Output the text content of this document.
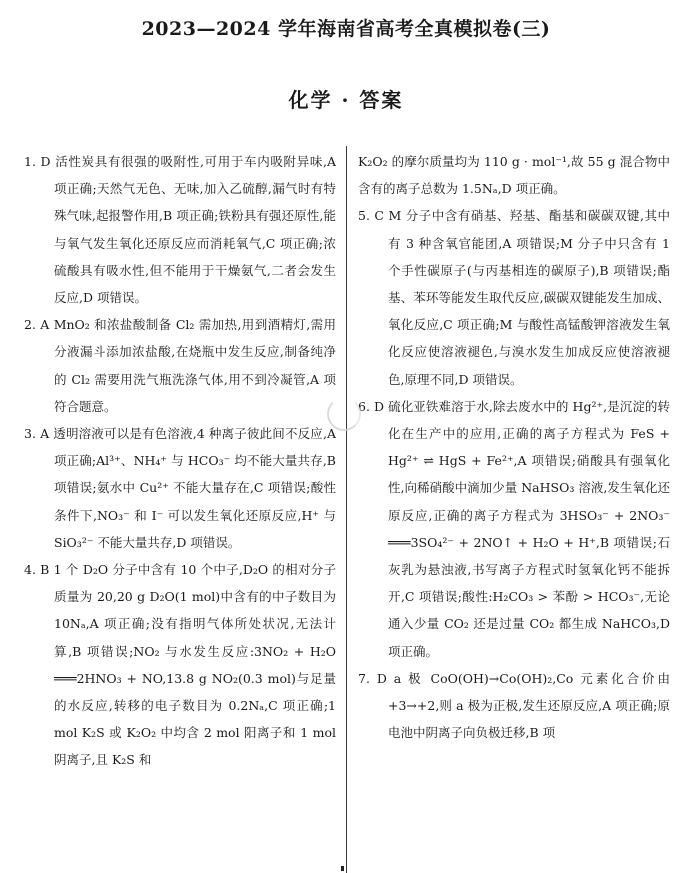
2023—2024 学年海南省高考全真模拟卷(三)
化学 · 答案

1. D 活性炭具有很强的吸附性,可用于车内吸附异味,A 项正确;天然气无色、无味,加入乙硫醇,漏气时有特殊气味,起报警作用,B 项正确;铁粉具有强还原性,能与氧气发生氧化还原反应而消耗氧气,C 项正确;浓硫酸具有吸水性,但不能用于干燥氨气,二者会发生反应,D 项错误。

2. A MnO₂ 和浓盐酸制备 Cl₂ 需加热,用到酒精灯,需用分液漏斗添加浓盐酸,在烧瓶中发生反应,制备纯净的 Cl₂ 需要用洗气瓶洗涤气体,用不到冷凝管,A 项符合题意。

3. A 透明溶液可以是有色溶液,4 种离子彼此间不反应,A 项正确;Al³⁺、NH₄⁺ 与 HCO₃⁻ 均不能大量共存,B 项错误;氨水中 Cu²⁺ 不能大量存在,C 项错误;酸性条件下,NO₃⁻ 和 I⁻ 可以发生氧化还原反应,H⁺ 与 SiO₃²⁻ 不能大量共存,D 项错误。

4. B 1 个 D₂O 分子中含有 10 个中子,D₂O 的相对分子质量为 20,20 g D₂O(1 mol)中含有的中子数目为 10Nₐ,A 项正确;没有指明气体所处状况,无法计算,B 项错误;NO₂ 与水发生反应:3NO₂ + H₂O ═══2HNO₃ + NO,13.8 g NO₂(0.3 mol)与足量的水反应,转移的电子数目为 0.2Nₐ,C 项正确;1 mol K₂S 或 K₂O₂ 中均含 2 mol 阳离子和 1 mol 阴离子,且 K₂S 和

K₂O₂ 的摩尔质量均为 110 g · mol⁻¹,故 55 g 混合物中含有的离子总数为 1.5Nₐ,D 项正确。

5. C M 分子中含有硝基、羟基、酯基和碳碳双键,其中有 3 种含氧官能团,A 项错误;M 分子中只含有 1 个手性碳原子(与丙基相连的碳原子),B 项错误;酯基、苯环等能发生取代反应,碳碳双键能发生加成、氧化反应,C 项正确;M 与酸性高锰酸钾溶液发生氧化反应使溶液褪色,与溴水发生加成反应使溶液褪色,原理不同,D 项错误。

6. D 硫化亚铁难溶于水,除去废水中的 Hg²⁺,是沉淀的转化在生产中的应用,正确的离子方程式为 FeS + Hg²⁺ ⇌ HgS + Fe²⁺,A 项错误;硝酸具有强氧化性,向稀硝酸中滴加少量 NaHSO₃ 溶液,发生氧化还原反应,正确的离子方程式为 3HSO₃⁻ + 2NO₃⁻ ═══3SO₄²⁻ + 2NO↑ + H₂O + H⁺,B 项错误;石灰乳为悬浊液,书写离子方程式时氢氧化钙不能拆开,C 项错误;酸性:H₂CO₃ > 苯酚 > HCO₃⁻,无论通入少量 CO₂ 还是过量 CO₂ 都生成 NaHCO₃,D 项正确。

7. D a 极 CoO(OH)→Co(OH)₂,Co 元素化合价由 +3→+2,则 a 极为正极,发生还原反应,A 项正确;原电池中阴离子向负极迁移,B 项
